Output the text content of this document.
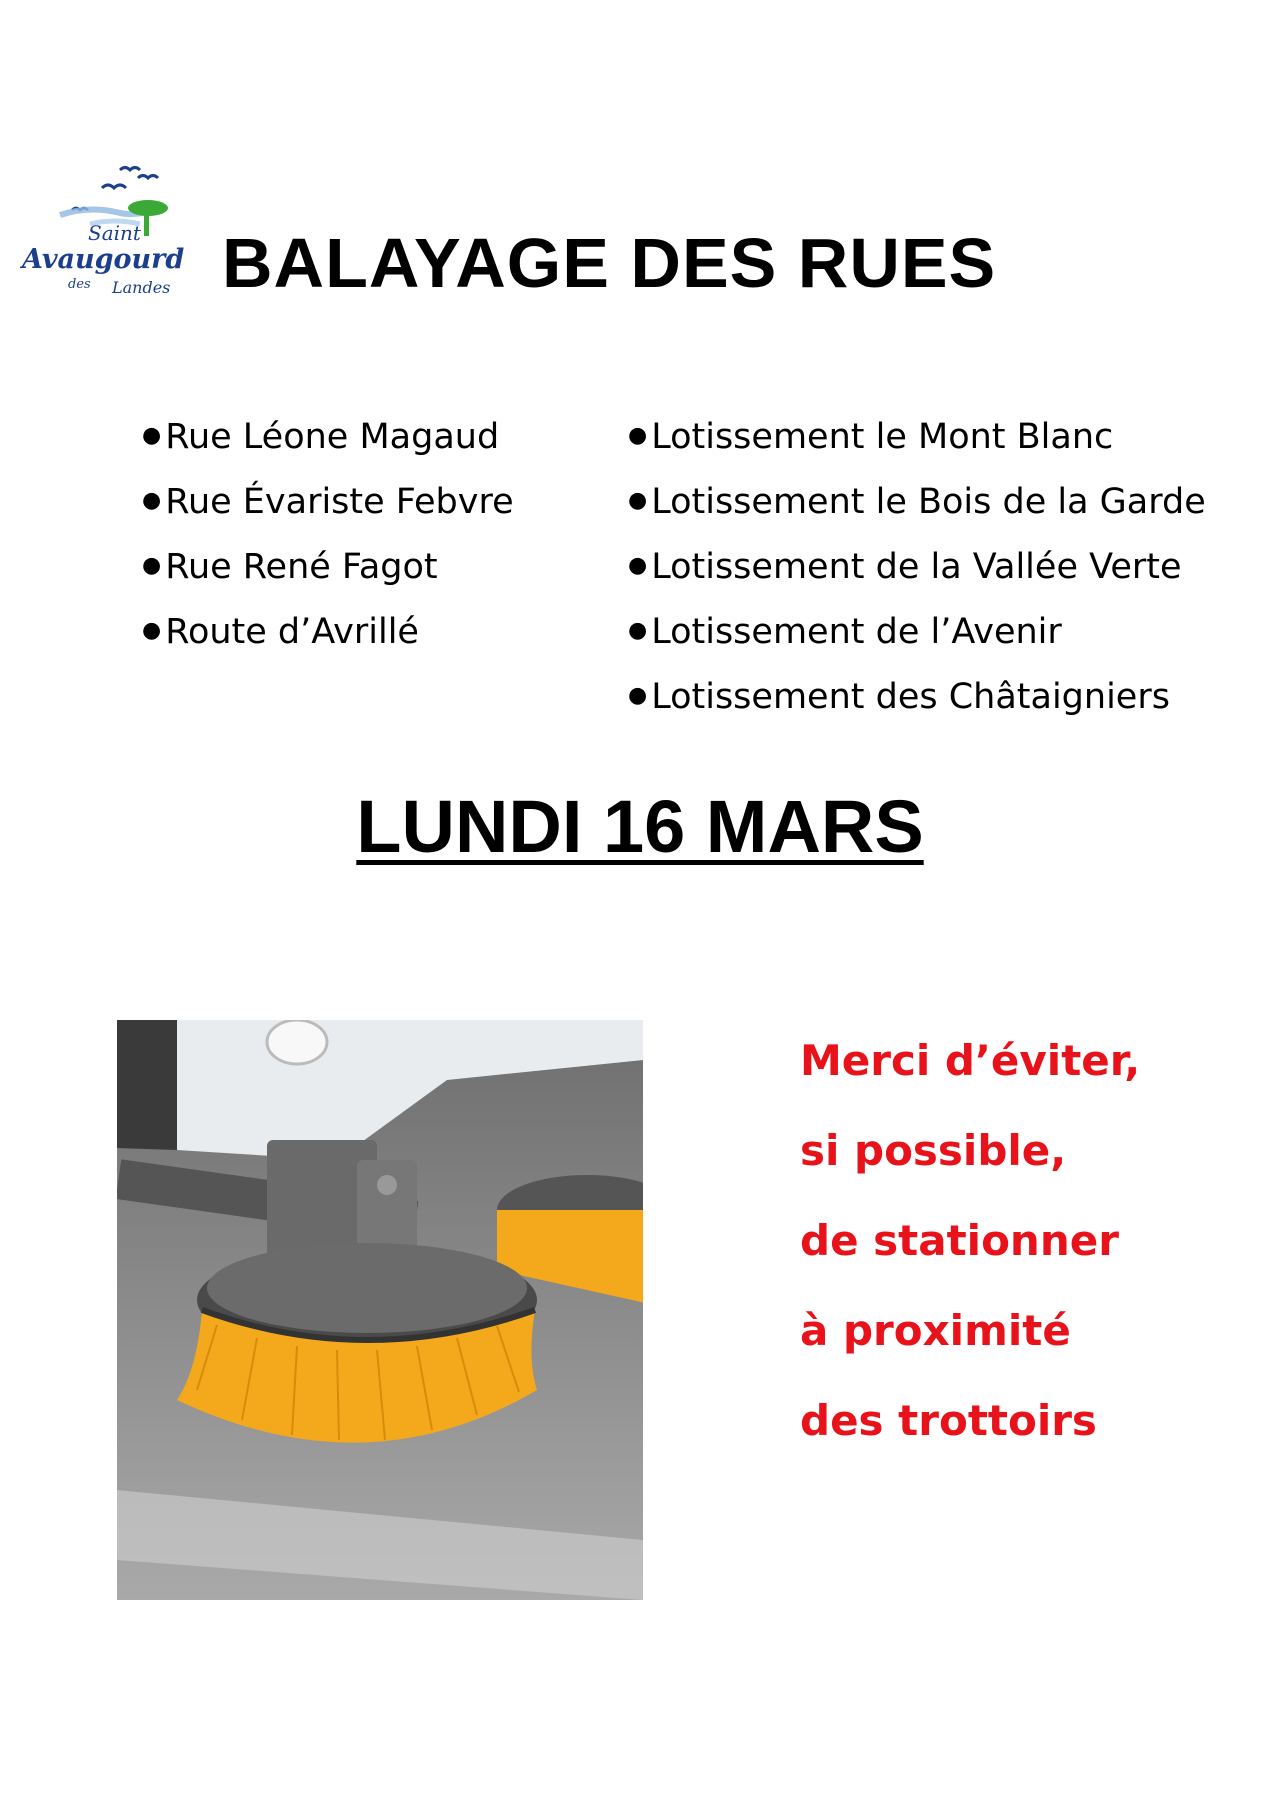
Saint
Avaugourd
des Landes BALAYAGE DES RUES
● Rue Léone Magaud
● Rue Évariste Febvre
● Rue René Fagot
● Route d’Avrillé
● Lotissement le Mont Blanc
● Lotissement le Bois de la Garde
● Lotissement de la Vallée Verte
● Lotissement de l’Avenir
● Lotissement des Châtaigniers
LUNDI 16 MARS

Merci d’éviter,

si possible,

de stationner

à proximité

des trottoirs
